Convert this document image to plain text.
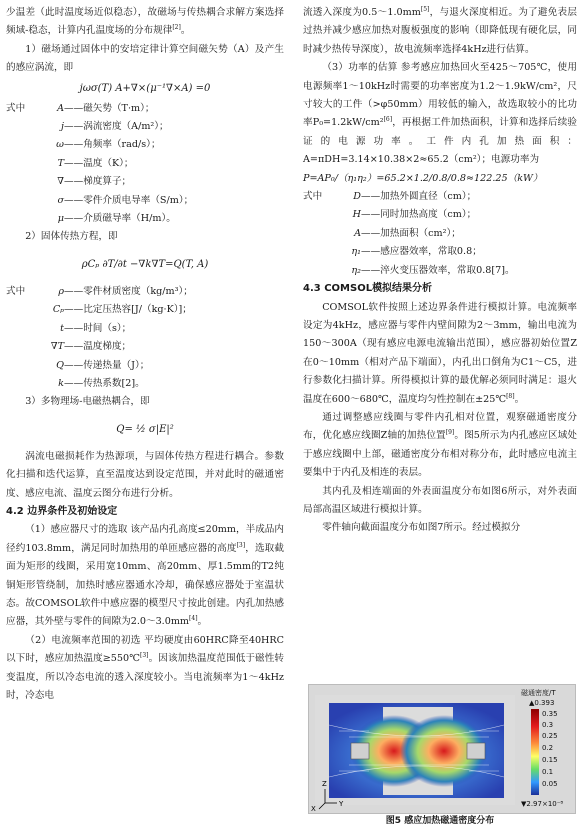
少温差（此时温度场近似稳态），故磁场与传热耦合求解方案选择频域-稳态，计算内孔温度场的分布规律[2]。

1）磁场通过固体中的安培定律计算空间磁矢势（A）及产生的感应涡流，即

jωσ(T) A+∇×(μ⁻¹∇×A) =0

式中	A——磁矢势（T·m）；

j——涡流密度（A/m²）；

ω——角频率（rad/s）；

T——温度（K）；

∇——梯度算子；

σ——零件介质电导率（S/m）；

μ——介质磁导率（H/m）。

2）固体传热方程，即

ρCₚ ∂T/∂t −∇k∇T=Q(T, A)

式中	ρ——零件材质密度（kg/m³）；

Cₚ——比定压热容[J/（kg·K）]；

t——时间（s）；

∇T——温度梯度；

Q——传递热量（J）；

k——传热系数[2]。

3）多物理场-电磁热耦合，即

Q= ½ σ|E|²

涡流电磁损耗作为热源项，与固体传热方程进行耦合。参数化扫描和迭代运算，直至温度达到设定范围，并对此时的磁通密度、感应电流、温度云图分布进行分析。

4.2 边界条件及初始设定

（1）感应器尺寸的选取 该产品内孔高度≤20mm，半成品内径约103.8mm，满足同时加热用的单匝感应器的高度[3]，选取截面为矩形的线圈，采用宽10mm、高20mm、厚1.5mm的T2纯铜矩形管绕制，加热时感应器通水冷却，确保感应器处于室温状态。故COMSOL软件中感应器的模型尺寸按此创建。内孔加热感应器，其外壁与零件的间隙为2.0～3.0mm[4]。

（2）电流频率范围的初选 平均硬度由60HRC降至40HRC以下时，感应加热温度≥550℃[3]。因该加热温度范围低于磁性转变温度，所以冷态电流的透入深度较小。当电流频率为1～4kHz时，冷态电

流透入深度为0.5～1.0mm[5]，与退火深度相近。为了避免表层过热并减少感应加热对腹板强度的影响（即降低现有硬化层，同时减少热传导深度），故电流频率选择4kHz进行估算。

（3）功率的估算 参考感应加热回火至425～705℃，使用电源频率1～10kHz时需要的功率密度为1.2～1.9kW/cm²，尺寸较大的工件（>φ50mm）用较低的输入，故选取较小的比功率P₀=1.2kW/cm²[6]，再根据工件加热面积，计算和选择后续验证的电源功率。工件内孔加热面积：A=πDH=3.14×10.38×2≈65.2（cm²）；电源功率为

P=AP₀/（η₁η₂）=65.2×1.2/0.8/0.8≈122.25（kW）

式中	D——加热外圆直径（cm）；

H——同时加热高度（cm）；

A——加热面积（cm²）；

η₁——感应器效率，常取0.8；

η₂——淬火变压器效率，常取0.8[7]。

4.3 COMSOL模拟结果分析

COMSOL软件按照上述边界条件进行模拟计算。电流频率设定为4kHz，感应器与零件内壁间隙为2～3mm，输出电流为150～300A（现有感应电源电流输出范围），感应器初始位置Z在0～10mm（相对产品下端面），内孔出口倒角为C1～C5，进行参数化扫描计算。所得模拟计算的最优解必须同时满足：退火温度在600～680℃，温度均匀性控制在±25℃[8]。

通过调整感应线圈与零件内孔相对位置，观察磁通密度分布，优化感应线圈Z轴的加热位置[9]。图5所示为内孔感应区域处于感应线圈中上部，磁通密度分布相对称分布，此时感应电流主要集中于内孔及相连的表层。

其内孔及相连端面的外表面温度分布如图6所示，对外表面局部高温区域进行模拟计算。

零件轴向截面温度分布如图7所示。经过模拟分

Z
X
Y
磁通密度/T
▲0.393
0.35
0.3
0.25
0.2
0.15
0.1
0.05
▼2.97×10⁻⁸
图5 感应加热磁通密度分布
